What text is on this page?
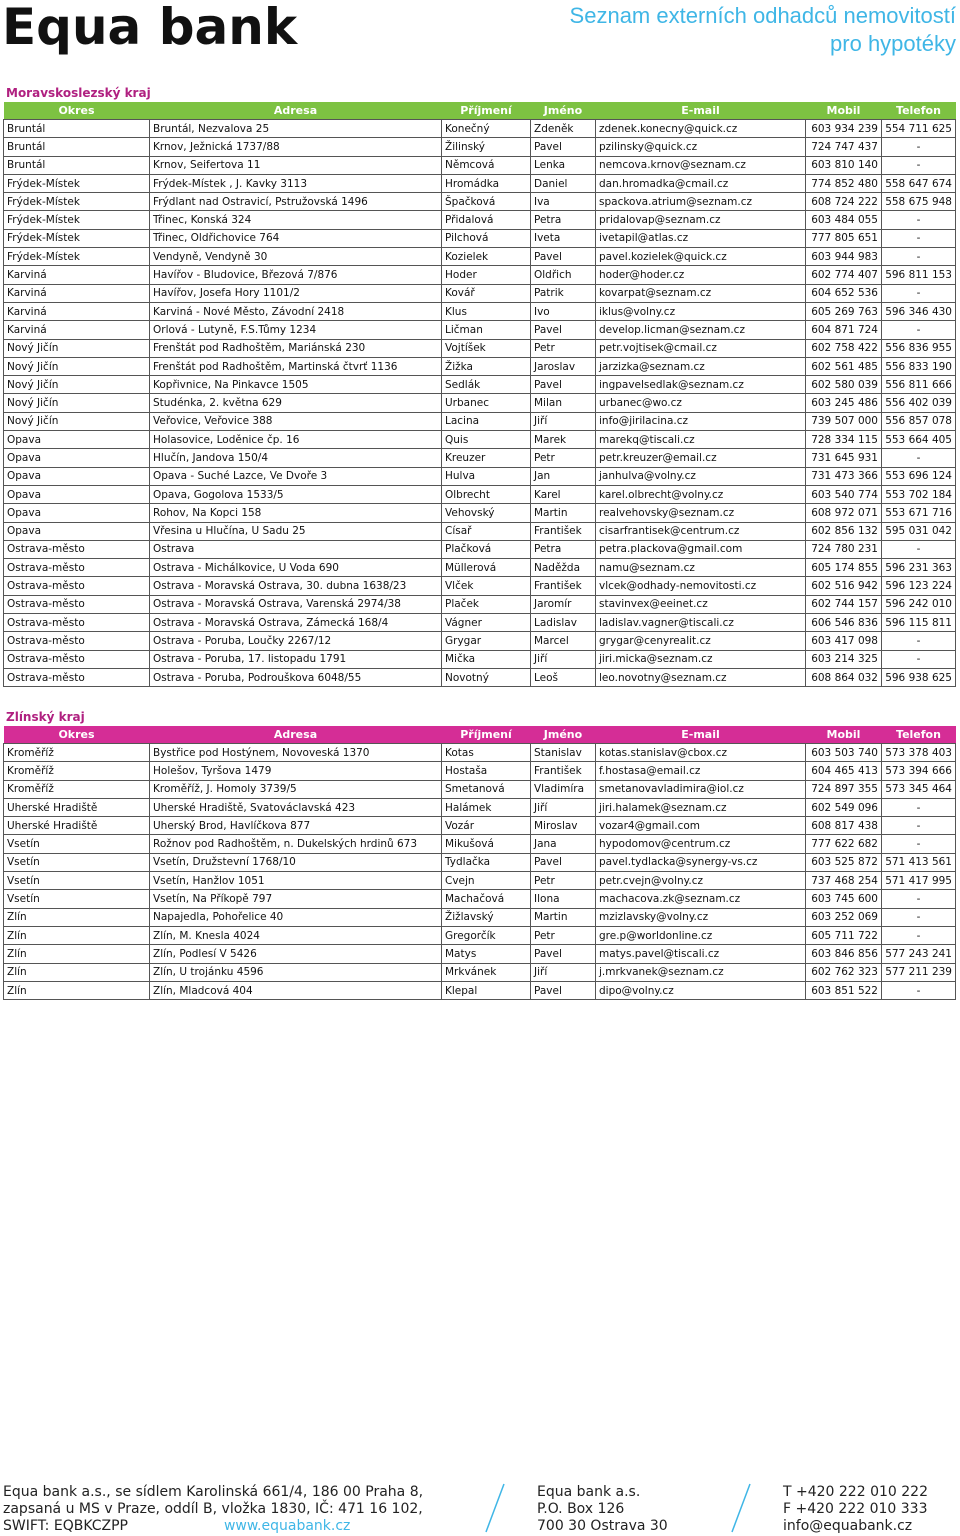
Equa bank	Seznam externích odhadců nemovitostí
pro hypotéky
Moravskoslezský kraj
Okres	Adresa	Příjmení	Jméno	E-mail	Mobil	Telefon
Bruntál	Bruntál, Nezvalova 25	Konečný	Zdeněk	zdenek.konecny@quick.cz	603 934 239	554 711 625
Bruntál	Krnov, Ježnická 1737/88	Žilinský	Pavel	pzilinsky@quick.cz	724 747 437	-
Bruntál	Krnov, Seifertova 11	Němcová	Lenka	nemcova.krnov@seznam.cz	603 810 140	-
Frýdek-Místek	Frýdek-Místek , J. Kavky 3113	Hromádka	Daniel	dan.hromadka@cmail.cz	774 852 480	558 647 674
Frýdek-Místek	Frýdlant nad Ostravicí, Pstružovská 1496	Špačková	Iva	spackova.atrium@seznam.cz	608 724 222	558 675 948
Frýdek-Místek	Třinec, Konská 324	Přidalová	Petra	pridalovap@seznam.cz	603 484 055	-
Frýdek-Místek	Třinec, Oldřichovice 764	Pilchová	Iveta	ivetapil@atlas.cz	777 805 651	-
Frýdek-Místek	Vendyně, Vendyně 30	Kozielek	Pavel	pavel.kozielek@quick.cz	603 944 983	-
Karviná	Havířov - Bludovice, Březová 7/876	Hoder	Oldřich	hoder@hoder.cz	602 774 407	596 811 153
Karviná	Havířov, Josefa Hory 1101/2	Kovář	Patrik	kovarpat@seznam.cz	604 652 536	-
Karviná	Karviná - Nové Město, Závodní 2418	Klus	Ivo	iklus@volny.cz	605 269 763	596 346 430
Karviná	Orlová - Lutyně, F.S.Tůmy 1234	Ličman	Pavel	develop.licman@seznam.cz	604 871 724	-
Nový Jičín	Frenštát pod Radhoštěm, Mariánská 230	Vojtíšek	Petr	petr.vojtisek@cmail.cz	602 758 422	556 836 955
Nový Jičín	Frenštát pod Radhoštěm, Martinská čtvrť 1136	Žižka	Jaroslav	jarzizka@seznam.cz	602 561 485	556 833 190
Nový Jičín	Kopřivnice, Na Pinkavce 1505	Sedlák	Pavel	ingpavelsedlak@seznam.cz	602 580 039	556 811 666
Nový Jičín	Studénka, 2. května 629	Urbanec	Milan	urbanec@wo.cz	603 245 486	556 402 039
Nový Jičín	Veřovice, Veřovice 388	Lacina	Jiří	info@jirilacina.cz	739 507 000	556 857 078
Opava	Holasovice, Loděnice čp. 16	Quis	Marek	marekq@tiscali.cz	728 334 115	553 664 405
Opava	Hlučín, Jandova 150/4	Kreuzer	Petr	petr.kreuzer@email.cz	731 645 931	-
Opava	Opava - Suché Lazce, Ve Dvoře 3	Hulva	Jan	janhulva@volny.cz	731 473 366	553 696 124
Opava	Opava, Gogolova 1533/5	Olbrecht	Karel	karel.olbrecht@volny.cz	603 540 774	553 702 184
Opava	Rohov, Na Kopci 158	Vehovský	Martin	realvehovsky@seznam.cz	608 972 071	553 671 716
Opava	Vřesina u Hlučína, U Sadu 25	Císař	František	cisarfrantisek@centrum.cz	602 856 132	595 031 042
Ostrava-město	Ostrava	Plačková	Petra	petra.plackova@gmail.com	724 780 231	-
Ostrava-město	Ostrava - Michálkovice, U Voda 690	Müllerová	Naděžda	namu@seznam.cz	605 174 855	596 231 363
Ostrava-město	Ostrava - Moravská Ostrava, 30. dubna 1638/23	Vlček	František	vlcek@odhady-nemovitosti.cz	602 516 942	596 123 224
Ostrava-město	Ostrava - Moravská Ostrava, Varenská 2974/38	Plaček	Jaromír	stavinvex@eeinet.cz	602 744 157	596 242 010
Ostrava-město	Ostrava - Moravská Ostrava, Zámecká 168/4	Vágner	Ladislav	ladislav.vagner@tiscali.cz	606 546 836	596 115 811
Ostrava-město	Ostrava - Poruba, Loučky 2267/12	Grygar	Marcel	grygar@cenyrealit.cz	603 417 098	-
Ostrava-město	Ostrava - Poruba, 17. listopadu 1791	Mička	Jiří	jiri.micka@seznam.cz	603 214 325	-
Ostrava-město	Ostrava - Poruba, Podrouškova 6048/55	Novotný	Leoš	leo.novotny@seznam.cz	608 864 032	596 938 625
Zlínský kraj
Okres	Adresa	Příjmení	Jméno	E-mail	Mobil	Telefon
Kroměříž	Bystřice pod Hostýnem, Novoveská 1370	Kotas	Stanislav	kotas.stanislav@cbox.cz	603 503 740	573 378 403
Kroměříž	Holešov, Tyršova 1479	Hostaša	František	f.hostasa@email.cz	604 465 413	573 394 666
Kroměříž	Kroměříž, J. Homoly 3739/5	Smetanová	Vladimíra	smetanovavladimira@iol.cz	724 897 355	573 345 464
Uherské Hradiště	Uherské Hradiště, Svatováclavská 423	Halámek	Jiří	jiri.halamek@seznam.cz	602 549 096	-
Uherské Hradiště	Uherský Brod, Havlíčkova 877	Vozár	Miroslav	vozar4@gmail.com	608 817 438	-
Vsetín	Rožnov pod Radhoštěm, n. Dukelských hrdinů 673	Mikušová	Jana	hypodomov@centrum.cz	777 622 682	-
Vsetín	Vsetín, Družstevní 1768/10	Tydlačka	Pavel	pavel.tydlacka@synergy-vs.cz	603 525 872	571 413 561
Vsetín	Vsetín, Hanžlov 1051	Cvejn	Petr	petr.cvejn@volny.cz	737 468 254	571 417 995
Vsetín	Vsetín, Na Příkopě 797	Machačová	Ilona	machacova.zk@seznam.cz	603 745 600	-
Zlín	Napajedla, Pohořelice 40	Žižlavský	Martin	mzizlavsky@volny.cz	603 252 069	-
Zlín	Zlín, M. Knesla 4024	Gregorčík	Petr	gre.p@worldonline.cz	605 711 722	-
Zlín	Zlín, Podlesí V 5426	Matys	Pavel	matys.pavel@tiscali.cz	603 846 856	577 243 241
Zlín	Zlín, U trojánku 4596	Mrkvánek	Jiří	j.mrkvanek@seznam.cz	602 762 323	577 211 239
Zlín	Zlín, Mladcová 404	Klepal	Pavel	dipo@volny.cz	603 851 522	-
Equa bank a.s., se sídlem Karolinská 661/4, 186 00 Praha 8,
zapsaná u MS v Praze, oddíl B, vložka 1830, IČ: 471 16 102,
SWIFT: EQBKCZPP	www.equabank.cz
Equa bank a.s.
P.O. Box 126
700 30 Ostrava 30
T +420 222 010 222
F +420 222 010 333
info@equabank.cz
